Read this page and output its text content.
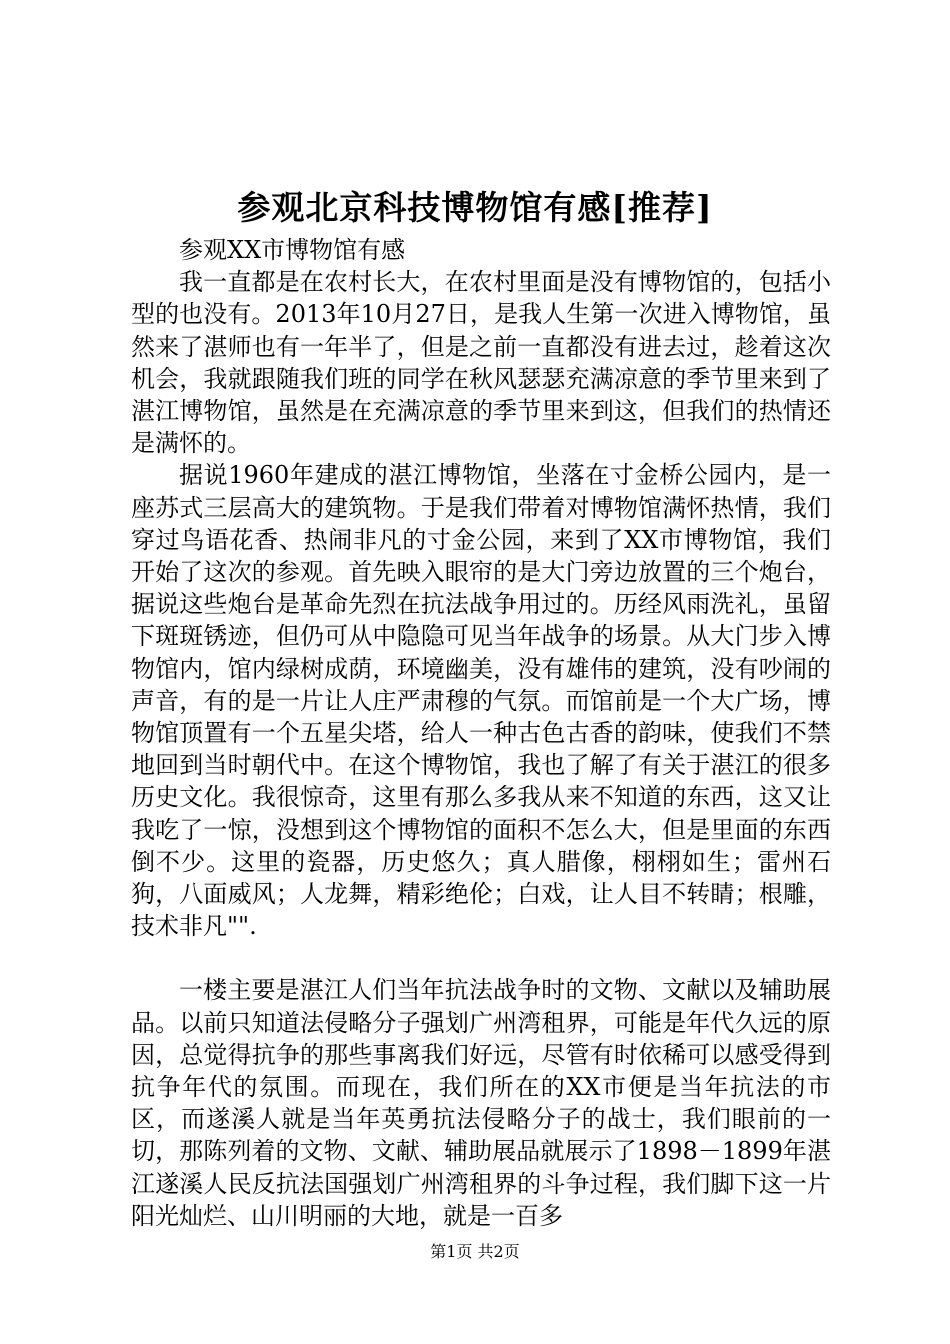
参观北京科技博物馆有感[推荐]

参观XX市博物馆有感

我一直都是在农村长大，在农村里面是没有博物馆的，包括小型的也没有。2013年10月27日，是我人生第一次进入博物馆，虽然来了湛师也有一年半了，但是之前一直都没有进去过，趁着这次机会，我就跟随我们班的同学在秋风瑟瑟充满凉意的季节里来到了湛江博物馆，虽然是在充满凉意的季节里来到这，但我们的热情还是满怀的。

据说1960年建成的湛江博物馆，坐落在寸金桥公园内，是一座苏式三层高大的建筑物。于是我们带着对博物馆满怀热情，我们穿过鸟语花香、热闹非凡的寸金公园，来到了XX市博物馆，我们开始了这次的参观。首先映入眼帘的是大门旁边放置的三个炮台，据说这些炮台是革命先烈在抗法战争用过的。历经风雨洗礼，虽留下斑斑锈迹，但仍可从中隐隐可见当年战争的场景。从大门步入博物馆内，馆内绿树成荫，环境幽美，没有雄伟的建筑，没有吵闹的声音，有的是一片让人庄严肃穆的气氛。而馆前是一个大广场，博物馆顶置有一个五星尖塔，给人一种古色古香的韵味，使我们不禁地回到当时朝代中。在这个博物馆，我也了解了有关于湛江的很多历史文化。我很惊奇，这里有那么多我从来不知道的东西，这又让我吃了一惊，没想到这个博物馆的面积不怎么大，但是里面的东西倒不少。这里的瓷器，历史悠久；真人腊像，栩栩如生；雷州石狗，八面威风；人龙舞，精彩绝伦；白戏，让人目不转睛；根雕，技术非凡"".

一楼主要是湛江人们当年抗法战争时的文物、文献以及辅助展品。以前只知道法侵略分子强划广州湾租界，可能是年代久远的原因，总觉得抗争的那些事离我们好远，尽管有时依稀可以感受得到抗争年代的氛围。而现在，我们所在的XX市便是当年抗法的市区，而遂溪人就是当年英勇抗法侵略分子的战士，我们眼前的一切，那陈列着的文物、文献、辅助展品就展示了1898－1899年湛江遂溪人民反抗法国强划广州湾租界的斗争过程，我们脚下这一片阳光灿烂、山川明丽的大地，就是一百多

第1页 共2页
